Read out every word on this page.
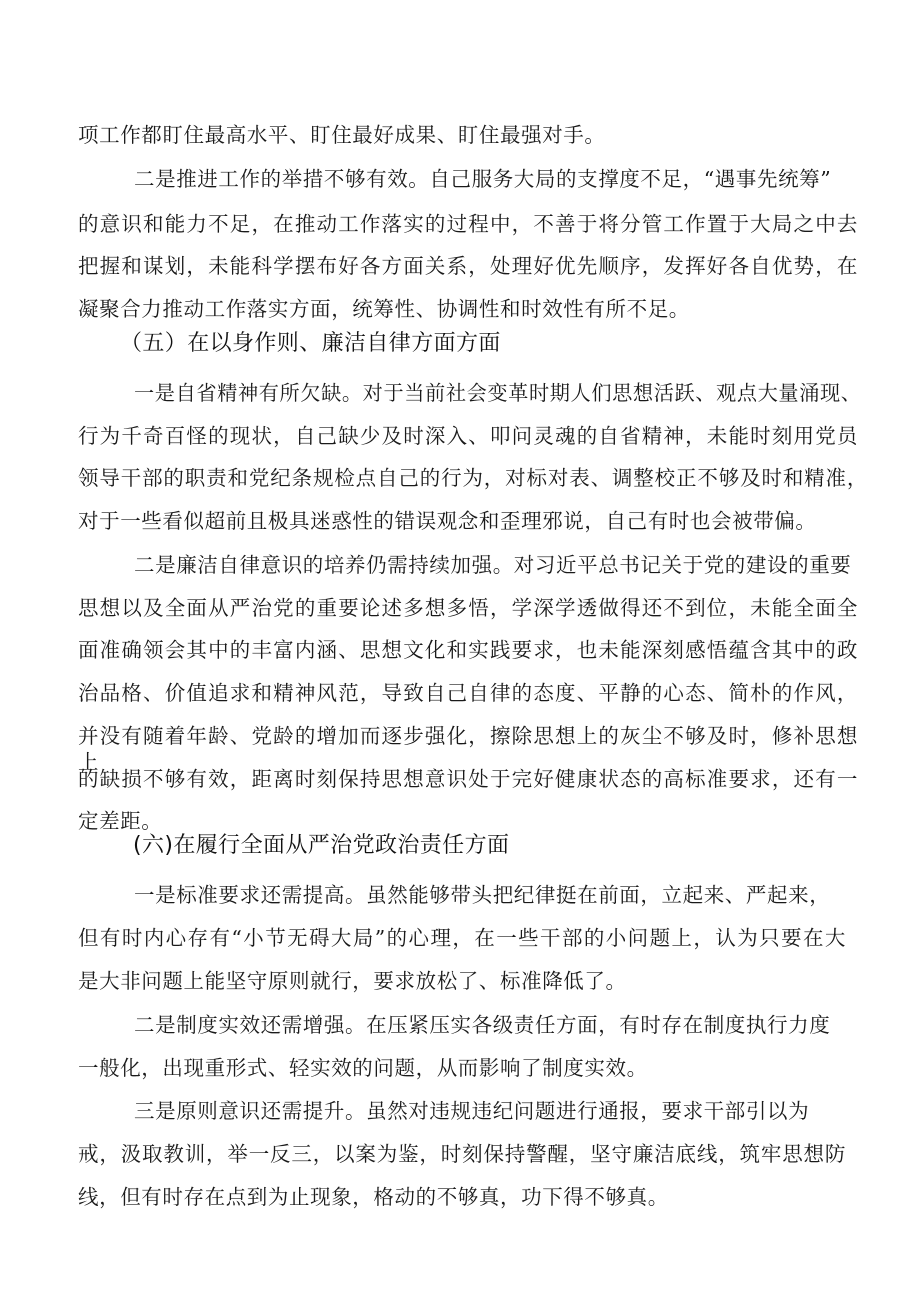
项工作都盯住最高水平、盯住最好成果、盯住最强对手。
二是推进工作的举措不够有效。自己服务大局的支撑度不足，“遇事先统筹”
的意识和能力不足，在推动工作落实的过程中，不善于将分管工作置于大局之中去
把握和谋划，未能科学摆布好各方面关系，处理好优先顺序，发挥好各自优势，在
凝聚合力推动工作落实方面，统筹性、协调性和时效性有所不足。
（五）在以身作则、廉洁自律方面方面
一是自省精神有所欠缺。对于当前社会变革时期人们思想活跃、观点大量涌现、
行为千奇百怪的现状，自己缺少及时深入、叩问灵魂的自省精神，未能时刻用党员
领导干部的职责和党纪条规检点自己的行为，对标对表、调整校正不够及时和精准，
对于一些看似超前且极具迷惑性的错误观念和歪理邪说，自己有时也会被带偏。
二是廉洁自律意识的培养仍需持续加强。对习近平总书记关于党的建设的重要
思想以及全面从严治党的重要论述多想多悟，学深学透做得还不到位，未能全面全
面准确领会其中的丰富内涵、思想文化和实践要求，也未能深刻感悟蕴含其中的政
治品格、价值追求和精神风范，导致自己自律的态度、平静的心态、简朴的作风，
并没有随着年龄、党龄的增加而逐步强化，擦除思想上的灰尘不够及时，修补思想上
的缺损不够有效，距离时刻保持思想意识处于完好健康状态的高标准要求，还有一
定差距。
(六)在履行全面从严治党政治责任方面
一是标准要求还需提高。虽然能够带头把纪律挺在前面，立起来、严起来，
但有时内心存有“小节无碍大局”的心理，在一些干部的小问题上，认为只要在大
是大非问题上能坚守原则就行，要求放松了、标准降低了。
二是制度实效还需增强。在压紧压实各级责任方面，有时存在制度执行力度
一般化，出现重形式、轻实效的问题，从而影响了制度实效。
三是原则意识还需提升。虽然对违规违纪问题进行通报，要求干部引以为
戒，汲取教训，举一反三，以案为鉴，时刻保持警醒，坚守廉洁底线，筑牢思想防
线，但有时存在点到为止现象，格动的不够真，功下得不够真。
